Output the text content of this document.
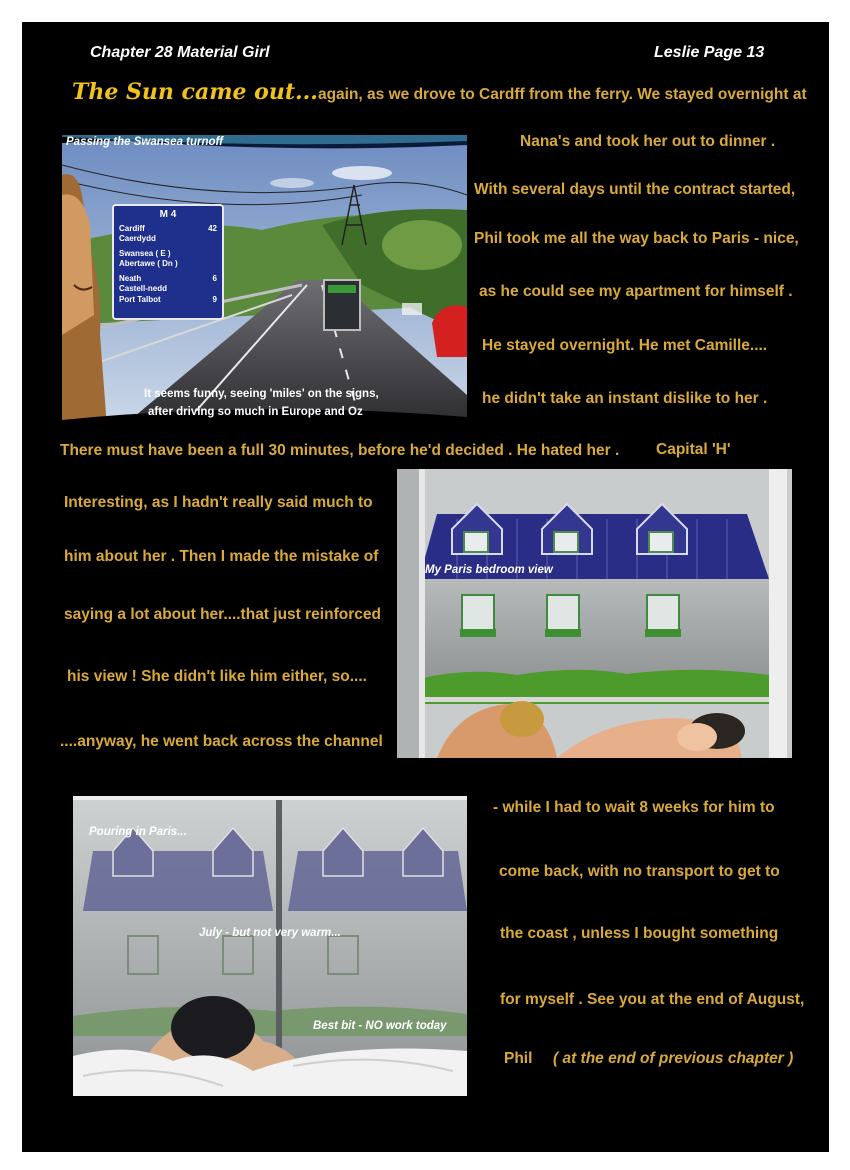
Chapter 28 Material Girl	Leslie Page 13
The Sun came out...again, as we drove to Cardff from the ferry. We stayed overnight at
M 4
Cardiff	42
Caerdydd
Swansea ( E )
Abertawe ( Dn )
Neath	6
Castell-nedd
Port Talbot	9
Passing the Swansea turnoff
It seems funny, seeing 'miles' on the signs,
after driving so much in Europe and Oz
Nana's and took her out to dinner .
With several days until the contract started,
Phil took me all the way back to Paris - nice,
as he could see my apartment for himself .
He stayed overnight. He met Camille....
he didn't take an instant dislike to her .
There must have been a full 30 minutes, before he'd decided . He hated her . Capital 'H'
Interesting, as I hadn't really said much to
him about her . Then I made the mistake of
saying a lot about her....that just reinforced
his view ! She didn't like him either, so....
....anyway, he went back across the channel
My Paris bedroom view
Pouring in Paris...
July - but not very warm...
Best bit - NO work today
- while I had to wait 8 weeks for him to
come back, with no transport to get to
the coast , unless I bought something
for myself . See you at the end of August,
Phil ( at the end of previous chapter )
